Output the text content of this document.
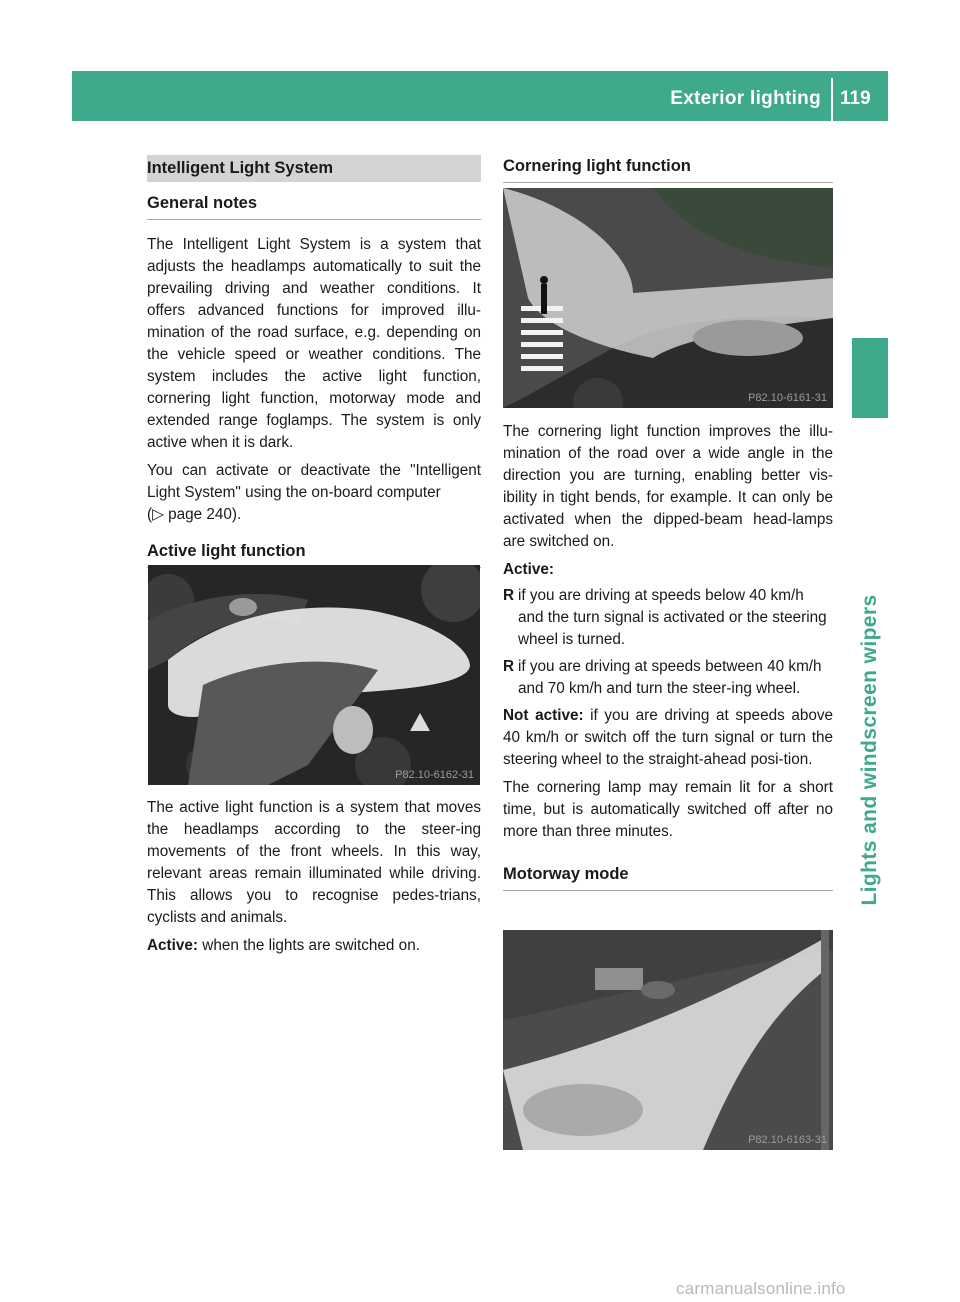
Exterior lighting 119
Lights and windscreen wipers
Intelligent Light System
General notes

The Intelligent Light System is a system that adjusts the headlamps automatically to suit the prevailing driving and weather conditions. It offers advanced functions for improved illu-mination of the road surface, e.g. depending on the vehicle speed or weather conditions. The system includes the active light function, cornering light function, motorway mode and extended range foglamps. The system is only active when it is dark.

You can activate or deactivate the "Intelligent Light System" using the on-board computer
(▷ page 240).

Active light function
P82.10-6162-31

The active light function is a system that moves the headlamps according to the steer-ing movements of the front wheels. In this way, relevant areas remain illuminated while driving. This allows you to recognise pedes-trians, cyclists and animals.

Active: when the lights are switched on.

Cornering light function
P82.10-6161-31

The cornering light function improves the illu-mination of the road over a wide angle in the direction you are turning, enabling better vis-ibility in tight bends, for example. It can only be activated when the dipped-beam head-lamps are switched on.

Active:

R if you are driving at speeds below 40 km/h and the turn signal is activated or the steering wheel is turned.
R if you are driving at speeds between 40 km/h and 70 km/h and turn the steer-ing wheel.

Not active: if you are driving at speeds above 40 km/h or switch off the turn signal or turn the steering wheel to the straight-ahead posi-tion.

The cornering lamp may remain lit for a short time, but is automatically switched off after no more than three minutes.

Motorway mode
P82.10-6163-31
carmanualsonline.info
